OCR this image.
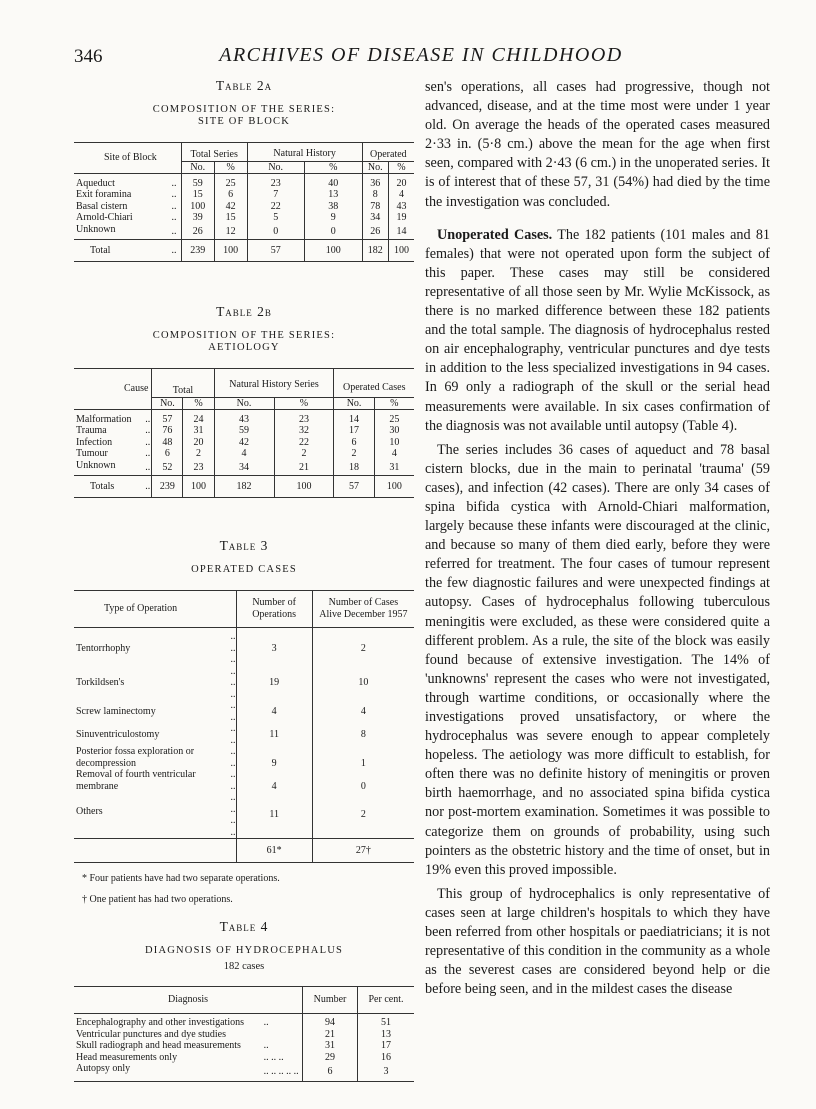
346	ARCHIVES OF DISEASE IN CHILDHOOD
Table 2a
COMPOSITION OF THE SERIES:
SITE OF BLOCK
Site of Block		Total Series		Natural History		Operated	
		No.	%	No.	%	No.	%

Aqueduct	..	59	25	23	40	36	20
Exit foramina	..	15	6	7	13	8	4
Basal cistern	..	100	42	22	38	78	43
Arnold-Chiari	..	39	15	5	9	34	19
Unknown	..	26	12	0	0	26	14
Total	..	239	100	57	100	182	100
Table 2b
COMPOSITION OF THE SERIES:
AETIOLOGY
Cause		Total		Natural History Series		Operated Cases	
		No.	%	No.	%	No.	%

Malformation	..	57	24	43	23	14	25
Trauma	..	76	31	59	32	17	30
Infection	..	48	20	42	22	6	10
Tumour	..	6	2	4	2	2	4
Unknown	..	52	23	34	21	18	31
Totals	..	239	100	182	100	57	100
Table 3
OPERATED CASES
Type of Operation		Number of Operations	Number of Cases Alive December 1957

Tentorrhophy	.. .. ..	3	2
Torkildsen's	.. .. ..	19	10
Screw laminectomy	.. ..	4	4
Sinuventriculostomy	.. ..	11	8
Posterior fossa exploration or decompression	.. ..	9	1
Removal of fourth ventricular membrane	.. ..	4	0
Others	.. .. .. ..	11	2
		61*	27†
* Four patients have had two separate operations.
† One patient has had two operations.
Table 4
DIAGNOSIS OF HYDROCEPHALUS
182 cases
Diagnosis		Number	Per cent.

Encephalography and other investigations	..	94	51
Ventricular punctures and dye studies		21	13
Skull radiograph and head measurements	..	31	17
Head measurements only	.. .. ..	29	16
Autopsy only	.. .. .. .. ..	6	3

sen's operations, all cases had progressive, though not advanced, disease, and at the time most were under 1 year old. On average the heads of the operated cases measured 2·33 in. (5·8 cm.) above the mean for the age when first seen, compared with 2·43 (6 cm.) in the unoperated series. It is of interest that of these 57, 31 (54%) had died by the time the investigation was concluded.

Unoperated Cases. The 182 patients (101 males and 81 females) that were not operated upon form the subject of this paper. These cases may still be considered representative of all those seen by Mr. Wylie McKissock, as there is no marked difference between these 182 patients and the total sample. The diagnosis of hydrocephalus rested on air encephalography, ventricular punctures and dye tests in addition to the less specialized investigations in 94 cases. In 69 only a radiograph of the skull or the serial head measurements were available. In six cases confirmation of the diagnosis was not available until autopsy (Table 4).

The series includes 36 cases of aqueduct and 78 basal cistern blocks, due in the main to perinatal 'trauma' (59 cases), and infection (42 cases). There are only 34 cases of spina bifida cystica with Arnold-Chiari malformation, largely because these infants were discouraged at the clinic, and because so many of them died early, before they were referred for treatment. The four cases of tumour represent the few diagnostic failures and were unexpected findings at autopsy. Cases of hydrocephalus following tuberculous meningitis were excluded, as these were considered quite a different problem. As a rule, the site of the block was easily found because of extensive investigation. The 14% of 'unknowns' represent the cases who were not investigated, through wartime conditions, or occasionally where the investigations proved unsatisfactory, or where the hydrocephalus was severe enough to appear completely hopeless. The aetiology was more difficult to establish, for often there was no definite history of meningitis or proven birth haemorrhage, and no associated spina bifida cystica nor post-mortem examination. Sometimes it was possible to categorize them on grounds of probability, using such pointers as the obstetric history and the time of onset, but in 19% even this proved impossible.

This group of hydrocephalics is only representative of cases seen at large children's hospitals to which they have been referred from other hospitals or paediatricians; it is not representative of this condition in the community as a whole as the severest cases are considered beyond help or die before being seen, and in the mildest cases the disease
